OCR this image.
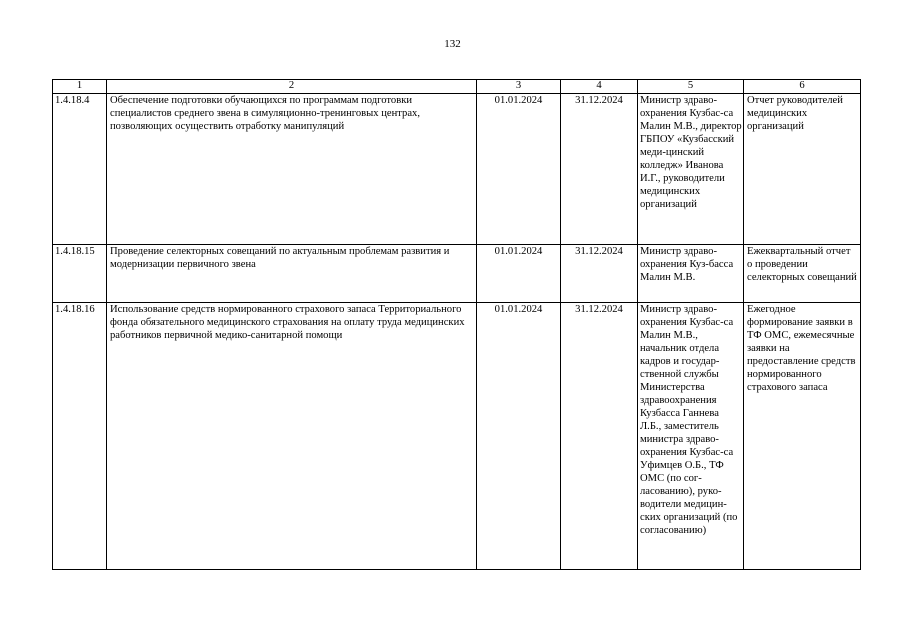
132
1	2	3	4	5	6
1.4.18.4	Обеспечение подготовки обучающихся по программам подготовки специалистов среднего звена в симуляционно-тренинговых центрах, позволяющих осуществить отработку манипуляций	01.01.2024	31.12.2024	Министр здраво-охранения Кузбас-са Малин М.В., директор ГБПОУ «Кузбасский меди-цинский колледж» Иванова И.Г., руководители медицинских организаций	Отчет руководителей медицинских организаций
1.4.18.15	Проведение селекторных совещаний по актуальным проблемам развития и модернизации первичного звена	01.01.2024	31.12.2024	Министр здраво-охранения Куз-басса Малин М.В.	Ежеквартальный отчет о проведении селекторных совещаний
1.4.18.16	Использование средств нормированного страхового запаса Территориального фонда обязательного медицинского страхования на оплату труда медицинских работников первичной медико-санитарной помощи	01.01.2024	31.12.2024	Министр здраво-охранения Кузбас-са Малин М.В., начальник отдела кадров и государ-ственной службы Министерства здравоохранения Кузбасса Ганнева Л.Б., заместитель министра здраво-охранения Кузбас-са Уфимцев О.Б., ТФ ОМС (по сог-ласованию), руко-водители медицин-ских организаций (по согласованию)	Ежегодное формирование заявки в ТФ ОМС, ежемесячные заявки на предоставление средств нормированного страхового запаса
